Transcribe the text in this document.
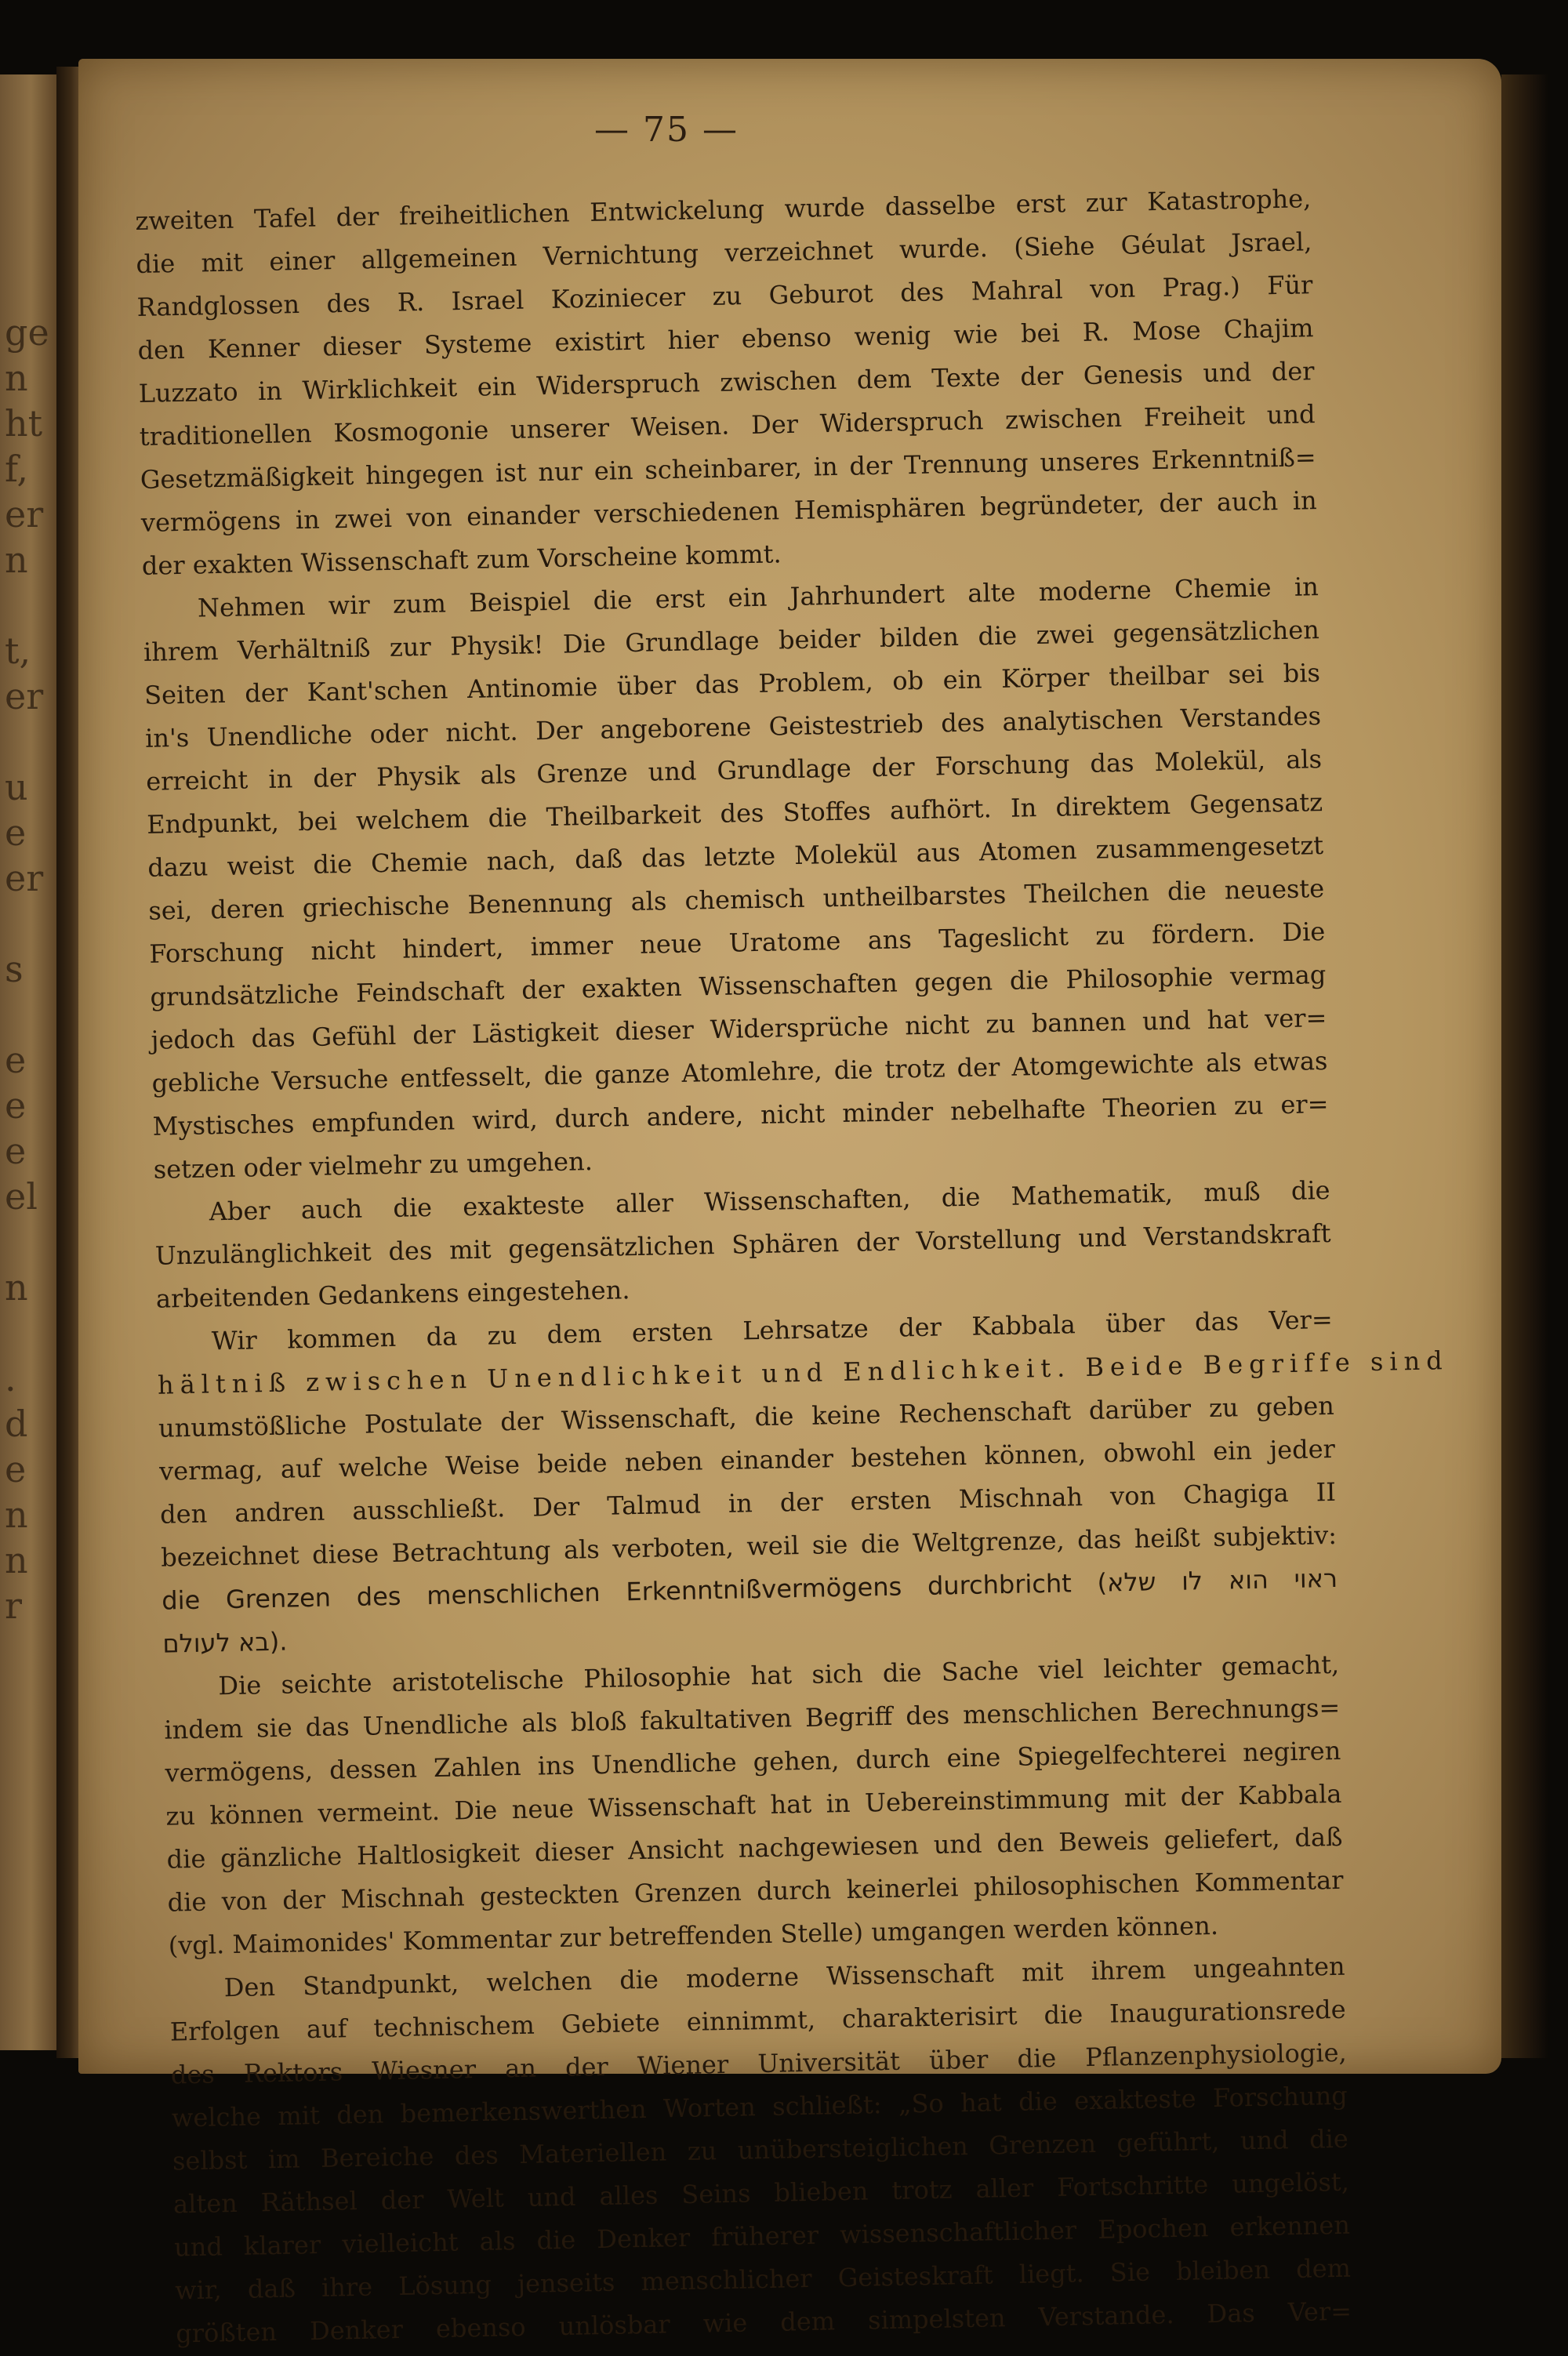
ge
n
ht
f,
er
n

t,
er

u
e
er

s

e
e
e
el

n

.
d
e
n
n
r
— 75 —
zweiten Tafel der freiheitlichen Entwickelung wurde dasselbe erst zur Katastrophe,
die mit einer allgemeinen Vernichtung verzeichnet wurde. (Siehe Géulat Jsrael,
Randglossen des R. Israel Koziniecer zu Geburot des Mahral von Prag.) Für
den Kenner dieser Systeme existirt hier ebenso wenig wie bei R. Mose Chajim
Luzzato in Wirklichkeit ein Widerspruch zwischen dem Texte der Genesis und der
traditionellen Kosmogonie unserer Weisen. Der Widerspruch zwischen Freiheit und
Gesetzmäßigkeit hingegen ist nur ein scheinbarer, in der Trennung unseres Erkenntniß=
vermögens in zwei von einander verschiedenen Hemisphären begründeter, der auch in
der exakten Wissenschaft zum Vorscheine kommt.
Nehmen wir zum Beispiel die erst ein Jahrhundert alte moderne Chemie in
ihrem Verhältniß zur Physik! Die Grundlage beider bilden die zwei gegensätzlichen
Seiten der Kant'schen Antinomie über das Problem, ob ein Körper theilbar sei bis
in's Unendliche oder nicht. Der angeborene Geistestrieb des analytischen Verstandes
erreicht in der Physik als Grenze und Grundlage der Forschung das Molekül, als
Endpunkt, bei welchem die Theilbarkeit des Stoffes aufhört. In direktem Gegensatz
dazu weist die Chemie nach, daß das letzte Molekül aus Atomen zusammengesetzt
sei, deren griechische Benennung als chemisch untheilbarstes Theilchen die neueste
Forschung nicht hindert, immer neue Uratome ans Tageslicht zu fördern. Die
grundsätzliche Feindschaft der exakten Wissenschaften gegen die Philosophie vermag
jedoch das Gefühl der Lästigkeit dieser Widersprüche nicht zu bannen und hat ver=
gebliche Versuche entfesselt, die ganze Atomlehre, die trotz der Atomgewichte als etwas
Mystisches empfunden wird, durch andere, nicht minder nebelhafte Theorien zu er=
setzen oder vielmehr zu umgehen.
Aber auch die exakteste aller Wissenschaften, die Mathematik, muß die
Unzulänglichkeit des mit gegensätzlichen Sphären der Vorstellung und Verstandskraft
arbeitenden Gedankens eingestehen.
Wir kommen da zu dem ersten Lehrsatze der Kabbala über das Ver=
hältniß zwischen Unendlichkeit und Endlichkeit. Beide Begriffe sind
unumstößliche Postulate der Wissenschaft, die keine Rechenschaft darüber zu geben
vermag, auf welche Weise beide neben einander bestehen können, obwohl ein jeder
den andren ausschließt. Der Talmud in der ersten Mischnah von Chagiga II
bezeichnet diese Betrachtung als verboten, weil sie die Weltgrenze, das heißt subjektiv:
die Grenzen des menschlichen Erkenntnißvermögens durchbricht (ראוי הוא לו שלא
בא לעולם).
Die seichte aristotelische Philosophie hat sich die Sache viel leichter gemacht,
indem sie das Unendliche als bloß fakultativen Begriff des menschlichen Berechnungs=
vermögens, dessen Zahlen ins Unendliche gehen, durch eine Spiegelfechterei negiren
zu können vermeint. Die neue Wissenschaft hat in Uebereinstimmung mit der Kabbala
die gänzliche Haltlosigkeit dieser Ansicht nachgewiesen und den Beweis geliefert, daß
die von der Mischnah gesteckten Grenzen durch keinerlei philosophischen Kommentar
(vgl. Maimonides' Kommentar zur betreffenden Stelle) umgangen werden können.
Den Standpunkt, welchen die moderne Wissenschaft mit ihrem ungeahnten
Erfolgen auf technischem Gebiete einnimmt, charakterisirt die Inaugurationsrede
des Rektors Wiesner an der Wiener Universität über die Pflanzenphysiologie,
welche mit den bemerkenswerthen Worten schließt: „So hat die exakteste Forschung
selbst im Bereiche des Materiellen zu unübersteiglichen Grenzen geführt, und die
alten Räthsel der Welt und alles Seins blieben trotz aller Fortschritte ungelöst,
und klarer vielleicht als die Denker früherer wissenschaftlicher Epochen erkennen
wir, daß ihre Lösung jenseits menschlicher Geisteskraft liegt. Sie bleiben dem
größten Denker ebenso unlösbar wie dem simpelsten Verstande. Das Ver=
